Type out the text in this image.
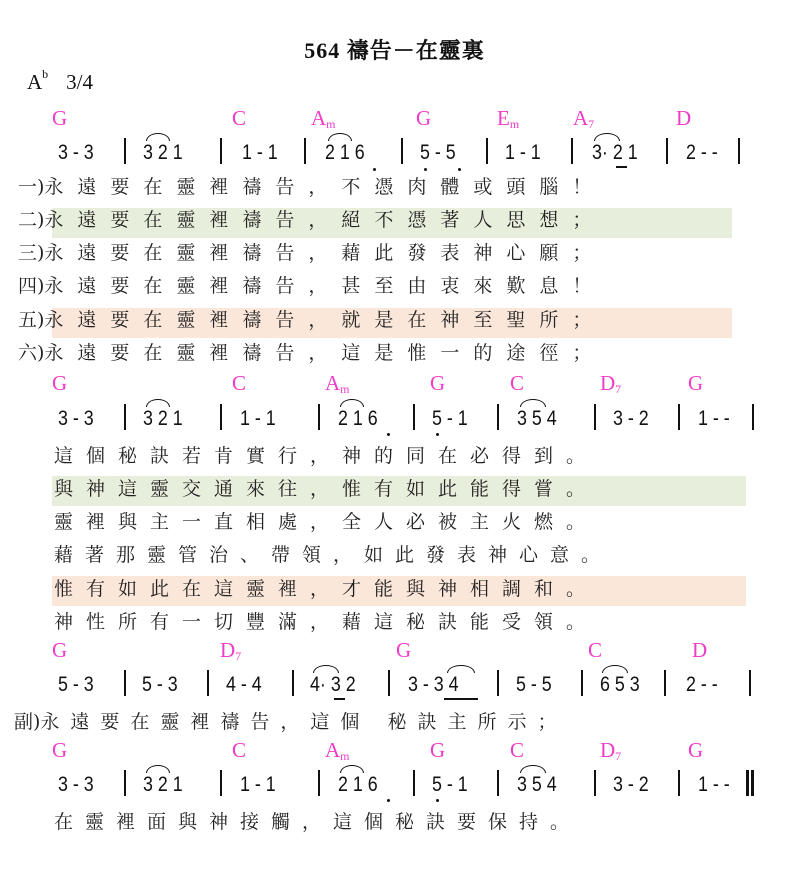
564 禱告－在靈裏
$A^b$ 3/4
G	C	$A_m$	G	$E_m$	$A_7$	D
3 - 3 3 2 1	1 - 1 2 1 6	5 - 5 1 - 1 3· 2 1 2 - -
一)永遠要在靈裡禱告，不憑肉體或頭腦！
二)永遠要在靈裡禱告，絕不憑著人思想；
三)永遠要在靈裡禱告，藉此發表神心願；
四)永遠要在靈裡禱告，甚至由衷來歎息！
五)永遠要在靈裡禱告，就是在神至聖所；
六)永遠要在靈裡禱告，這是惟一的途徑；
G	C	$A_m$	G	C	$D_7$	G
3 - 3 3 2 1	1 - 1	2 1 6	5 - 1 3 5 4	3 - 2 1 - -
這個秘訣若肯實行，神的同在必得到。
與神這靈交通來往，惟有如此能得嘗。
靈裡與主一直相處，全人必被主火燃。
藉著那靈管治、帶領，如此發表神心意。
惟有如此在這靈裡，才能與神相調和。
神性所有一切豐滿，藉這秘訣能受領。
G	$D_7$	G	C	D
5 - 3 5 - 3 4 - 4 4· 3 2 3 - 3 4	5 - 5 6 5 3 2 - -
副)永遠要在靈裡禱告，這個 秘訣主所示；
G	C	$A_m$	G	C	$D_7$	G
3 - 3 3 2 1	1 - 1	2 1 6	5 - 1 3 5 4	3 - 2 1 - -
在靈裡面與神接觸，這個秘訣要保持。
